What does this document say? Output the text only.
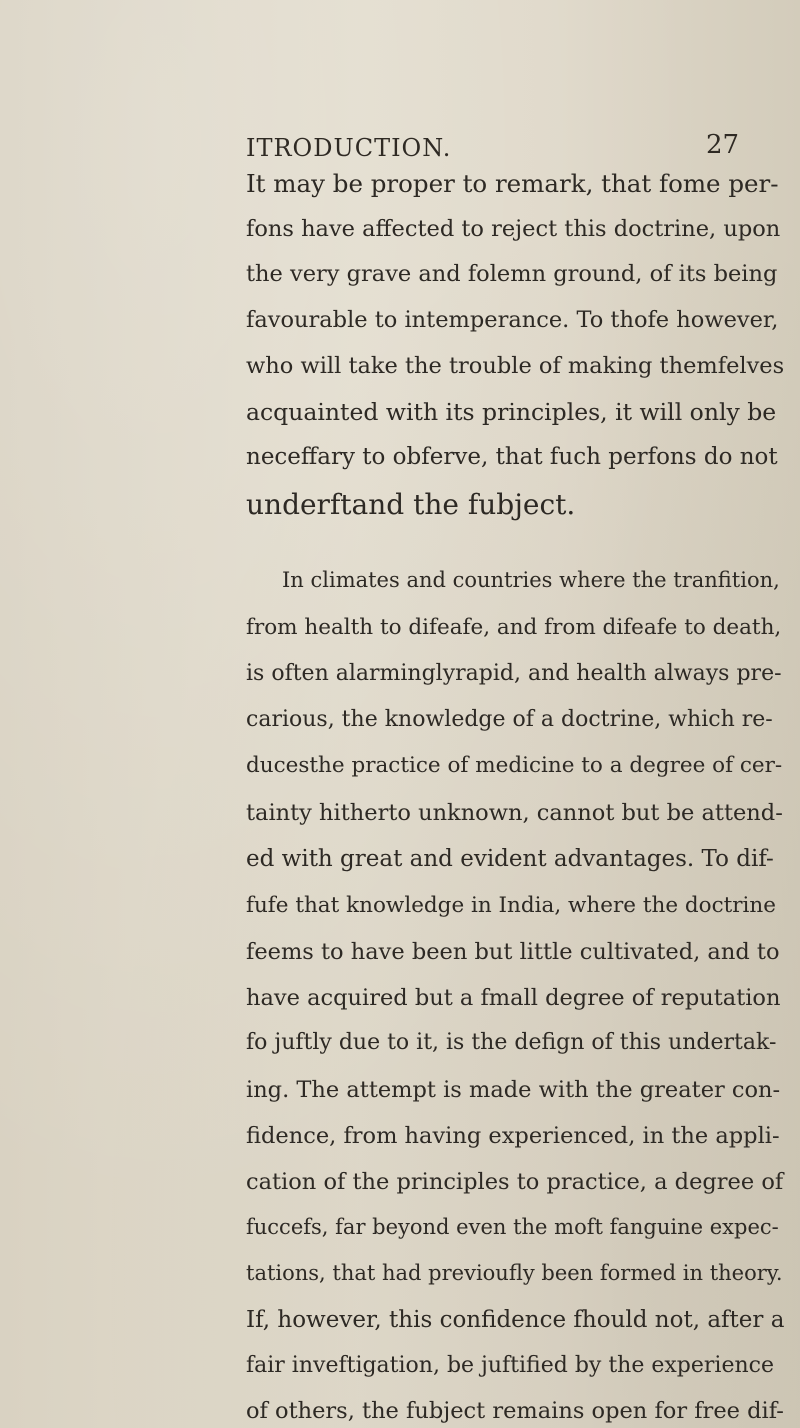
ITRODUCTION.	27
It may be proper to remark, that fome per-
fons have affected to reject this doctrine, upon
the very grave and folemn ground, of its being
favourable to intemperance. To thofe however,
who will take the trouble of making themfelves
acquainted with its principles, it will only be
neceffary to obferve, that fuch perfons do not
underftand the fubject.
In climates and countries where the tranfition,
from health to difeafe, and from difeafe to death,
is often alarminglyrapid, and health always pre-
carious, the knowledge of a doctrine, which re-
ducesthe practice of medicine to a degree of cer-
tainty hitherto unknown, cannot but be attend-
ed with great and evident advantages. To dif-
fufe that knowledge in India, where the doctrine
feems to have been but little cultivated, and to
have acquired but a fmall degree of reputation
fo juftly due to it, is the defign of this undertak-
ing. The attempt is made with the greater con-
fidence, from having experienced, in the appli-
cation of the principles to practice, a degree of
fuccefs, far beyond even the moft fanguine expec-
tations, that had previoufly been formed in theory.
If, however, this confidence fhould not, after a
fair inveftigation, be juftified by the experience
of others, the fubject remains open for free dif-
